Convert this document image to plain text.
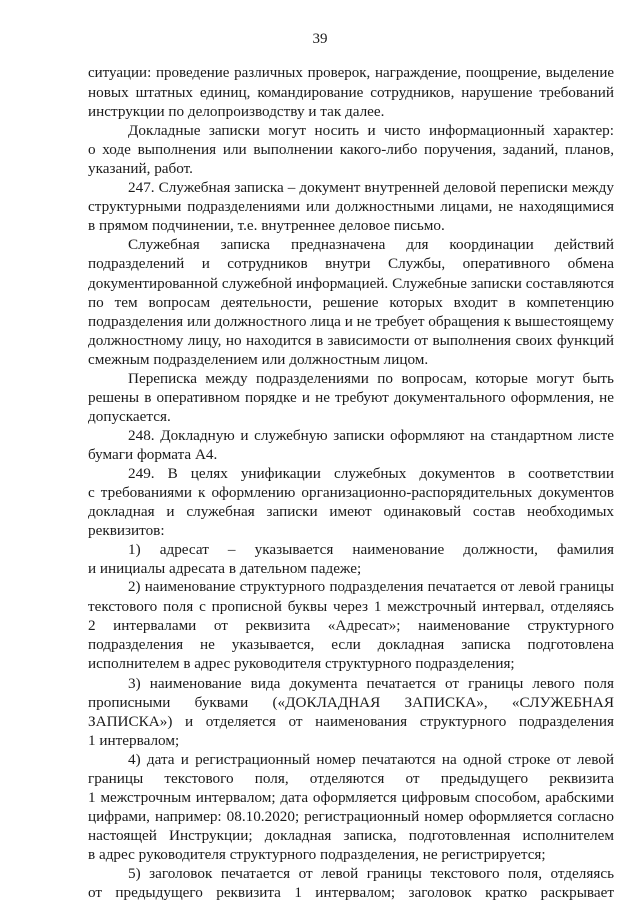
39
ситуации: проведение различных проверок, награждение, поощрение, выделение
новых штатных единиц, командирование сотрудников, нарушение требований
инструкции по делопроизводству и так далее.
Докладные записки могут носить и чисто информационный характер:
о ходе выполнения или выполнении какого-либо поручения, заданий, планов,
указаний, работ.
247. Служебная записка – документ внутренней деловой переписки между
структурными подразделениями или должностными лицами, не находящимися
в прямом подчинении, т.е. внутреннее деловое письмо.
Служебная записка предназначена для координации действий
подразделений и сотрудников внутри Службы, оперативного обмена
документированной служебной информацией. Служебные записки составляются
по тем вопросам деятельности, решение которых входит в компетенцию
подразделения или должностного лица и не требует обращения к вышестоящему
должностному лицу, но находится в зависимости от выполнения своих функций
смежным подразделением или должностным лицом.
Переписка между подразделениями по вопросам, которые могут быть
решены в оперативном порядке и не требуют документального оформления, не
допускается.
248. Докладную и служебную записки оформляют на стандартном листе
бумаги формата А4.
249. В целях унификации служебных документов в соответствии
с требованиями к оформлению организационно-распорядительных документов
докладная и служебная записки имеют одинаковый состав необходимых
реквизитов:
1) адресат – указывается наименование должности, фамилия
и инициалы адресата в дательном падеже;
2) наименование структурного подразделения печатается от левой границы
текстового поля с прописной буквы через 1 межстрочный интервал, отделяясь
2 интервалами от реквизита «Адресат»; наименование структурного
подразделения не указывается, если докладная записка подготовлена
исполнителем в адрес руководителя структурного подразделения;
3) наименование вида документа печатается от границы левого поля
прописными буквами («ДОКЛАДНАЯ ЗАПИСКА», «СЛУЖЕБНАЯ
ЗАПИСКА») и отделяется от наименования структурного подразделения
1 интервалом;
4) дата и регистрационный номер печатаются на одной строке от левой
границы текстового поля, отделяются от предыдущего реквизита
1 межстрочным интервалом; дата оформляется цифровым способом, арабскими
цифрами, например: 08.10.2020; регистрационный номер оформляется согласно
настоящей Инструкции; докладная записка, подготовленная исполнителем
в адрес руководителя структурного подразделения, не регистрируется;
5) заголовок печатается от левой границы текстового поля, отделяясь
от предыдущего реквизита 1 интервалом; заголовок кратко раскрывает
